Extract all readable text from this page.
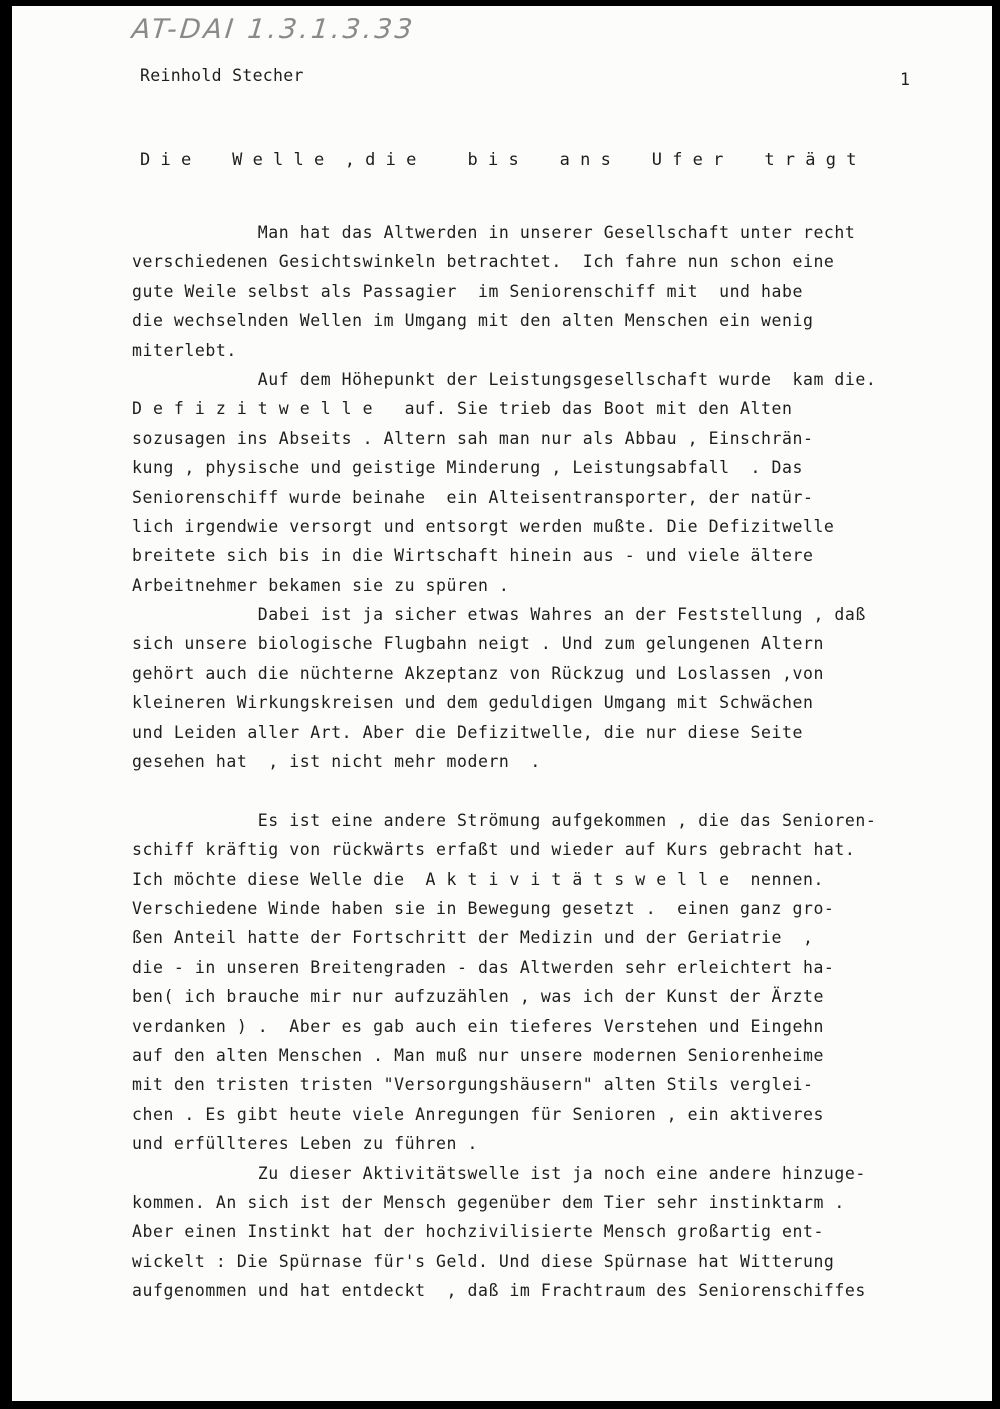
AT-DAI 1.3.1.3.33
Reinhold Stecher	1
D i e    W e l l e  , d i e     b i s    a n s    U f e r    t r ä g t
Man hat das Altwerden in unserer Gesellschaft unter recht
verschiedenen Gesichtswinkeln betrachtet.  Ich fahre nun schon eine
gute Weile selbst als Passagier  im Seniorenschiff mit  und habe
die wechselnden Wellen im Umgang mit den alten Menschen ein wenig
miterlebt.
Auf dem Höhepunkt der Leistungsgesellschaft wurde  kam die.
D e f i z i t w e l l e   auf. Sie trieb das Boot mit den Alten
sozusagen ins Abseits . Altern sah man nur als Abbau , Einschrän-
kung , physische und geistige Minderung , Leistungsabfall  . Das
Seniorenschiff wurde beinahe  ein Alteisentransporter, der natür-
lich irgendwie versorgt und entsorgt werden mußte. Die Defizitwelle
breitete sich bis in die Wirtschaft hinein aus - und viele ältere
Arbeitnehmer bekamen sie zu spüren .
Dabei ist ja sicher etwas Wahres an der Feststellung , daß
sich unsere biologische Flugbahn neigt . Und zum gelungenen Altern
gehört auch die nüchterne Akzeptanz von Rückzug und Loslassen ,von
kleineren Wirkungskreisen und dem geduldigen Umgang mit Schwächen
und Leiden aller Art. Aber die Defizitwelle, die nur diese Seite
gesehen hat  , ist nicht mehr modern  .
Es ist eine andere Strömung aufgekommen , die das Senioren-
schiff kräftig von rückwärts erfaßt und wieder auf Kurs gebracht hat.
Ich möchte diese Welle die  A k t i v i t ä t s w e l l e  nennen.
Verschiedene Winde haben sie in Bewegung gesetzt .  einen ganz gro-
ßen Anteil hatte der Fortschritt der Medizin und der Geriatrie  ,
die - in unseren Breitengraden - das Altwerden sehr erleichtert ha-
ben( ich brauche mir nur aufzuzählen , was ich der Kunst der Ärzte
verdanken ) .  Aber es gab auch ein tieferes Verstehen und Eingehn
auf den alten Menschen . Man muß nur unsere modernen Seniorenheime
mit den tristen tristen "Versorgungshäusern" alten Stils verglei-
chen . Es gibt heute viele Anregungen für Senioren , ein aktiveres
und erfüllteres Leben zu führen .
Zu dieser Aktivitätswelle ist ja noch eine andere hinzuge-
kommen. An sich ist der Mensch gegenüber dem Tier sehr instinktarm .
Aber einen Instinkt hat der hochzivilisierte Mensch großartig ent-
wickelt : Die Spürnase für's Geld. Und diese Spürnase hat Witterung
aufgenommen und hat entdeckt  , daß im Frachtraum des Seniorenschiffes
